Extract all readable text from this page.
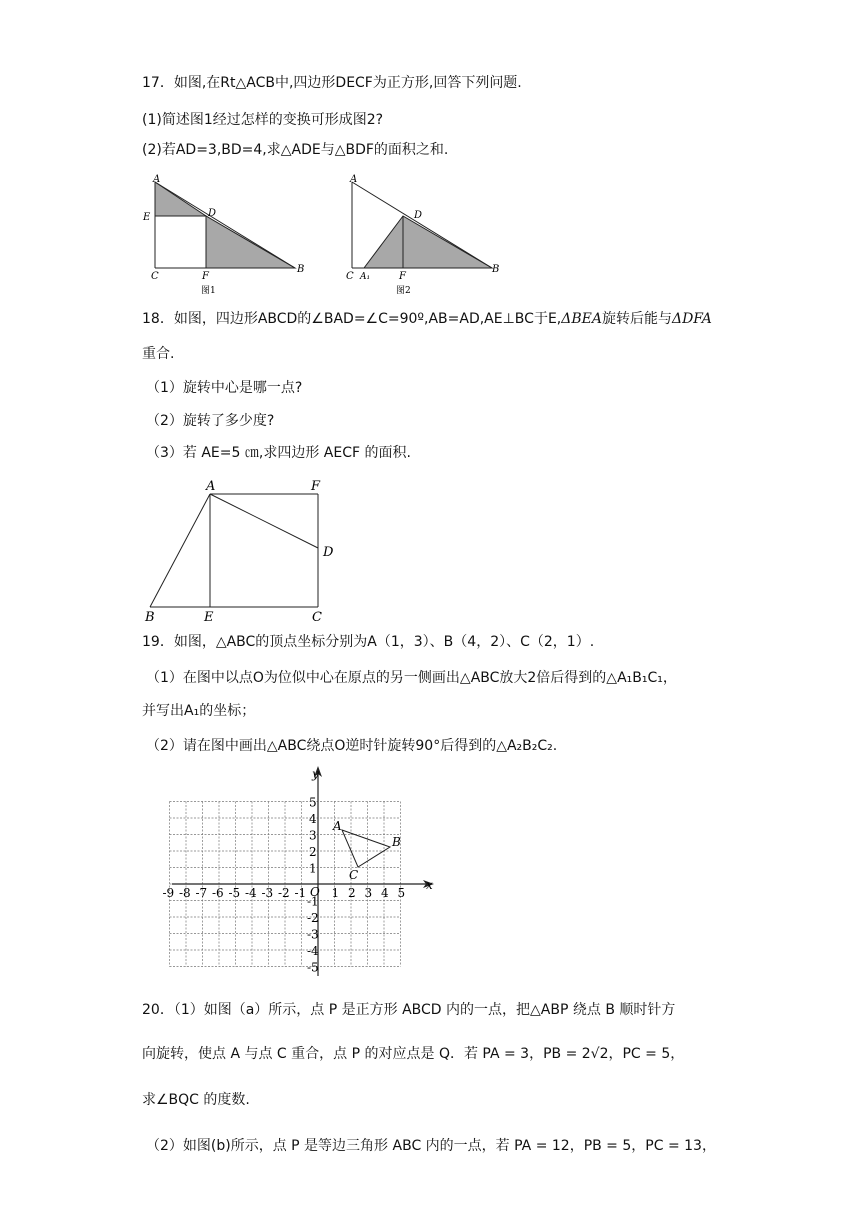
17．如图,在Rt△ACB中,四边形DECF为正方形,回答下列问题.
(1)简述图1经过怎样的变换可形成图2?
(2)若AD=3,BD=4,求△ADE与△BDF的面积之和.
A
E	D
C	F
B
图1
A
D
C A₁	F
B
图2
18．如图，四边形ABCD的∠BAD=∠C=90º,AB=AD,AE⊥BC于E,ΔBEA旋转后能与ΔDFA
重合.
（1）旋转中心是哪一点?
（2）旋转了多少度?
（3）若 AE=5 ㎝,求四边形 AECF 的面积.
A	F
D
B	E	C
19．如图，△ABC的顶点坐标分别为A（1，3）、B（4，2）、C（2，1）.
（1）在图中以点O为位似中心在原点的另一侧画出△ABC放大2倍后得到的△A₁B₁C₁，
并写出A₁的坐标；
（2）请在图中画出△ABC绕点O逆时针旋转90°后得到的△A₂B₂C₂.
x
y
O
A
B
C
-9 -8 -7 -6 -5 -4 -3 -2 -1 1 2 3 4 5
5
4
3
2
1
-1
-2
-3
-4
-5
20．（1）如图（a）所示，点 P 是正方形 ABCD 内的一点，把△ABP 绕点 B 顺时针方
向旋转，使点 A 与点 C 重合，点 P 的对应点是 Q．若 PA = 3，PB = 2√2，PC = 5，
求∠BQC 的度数.
（2）如图(b)所示，点 P 是等边三角形 ABC 内的一点，若 PA = 12，PB = 5，PC = 13，
